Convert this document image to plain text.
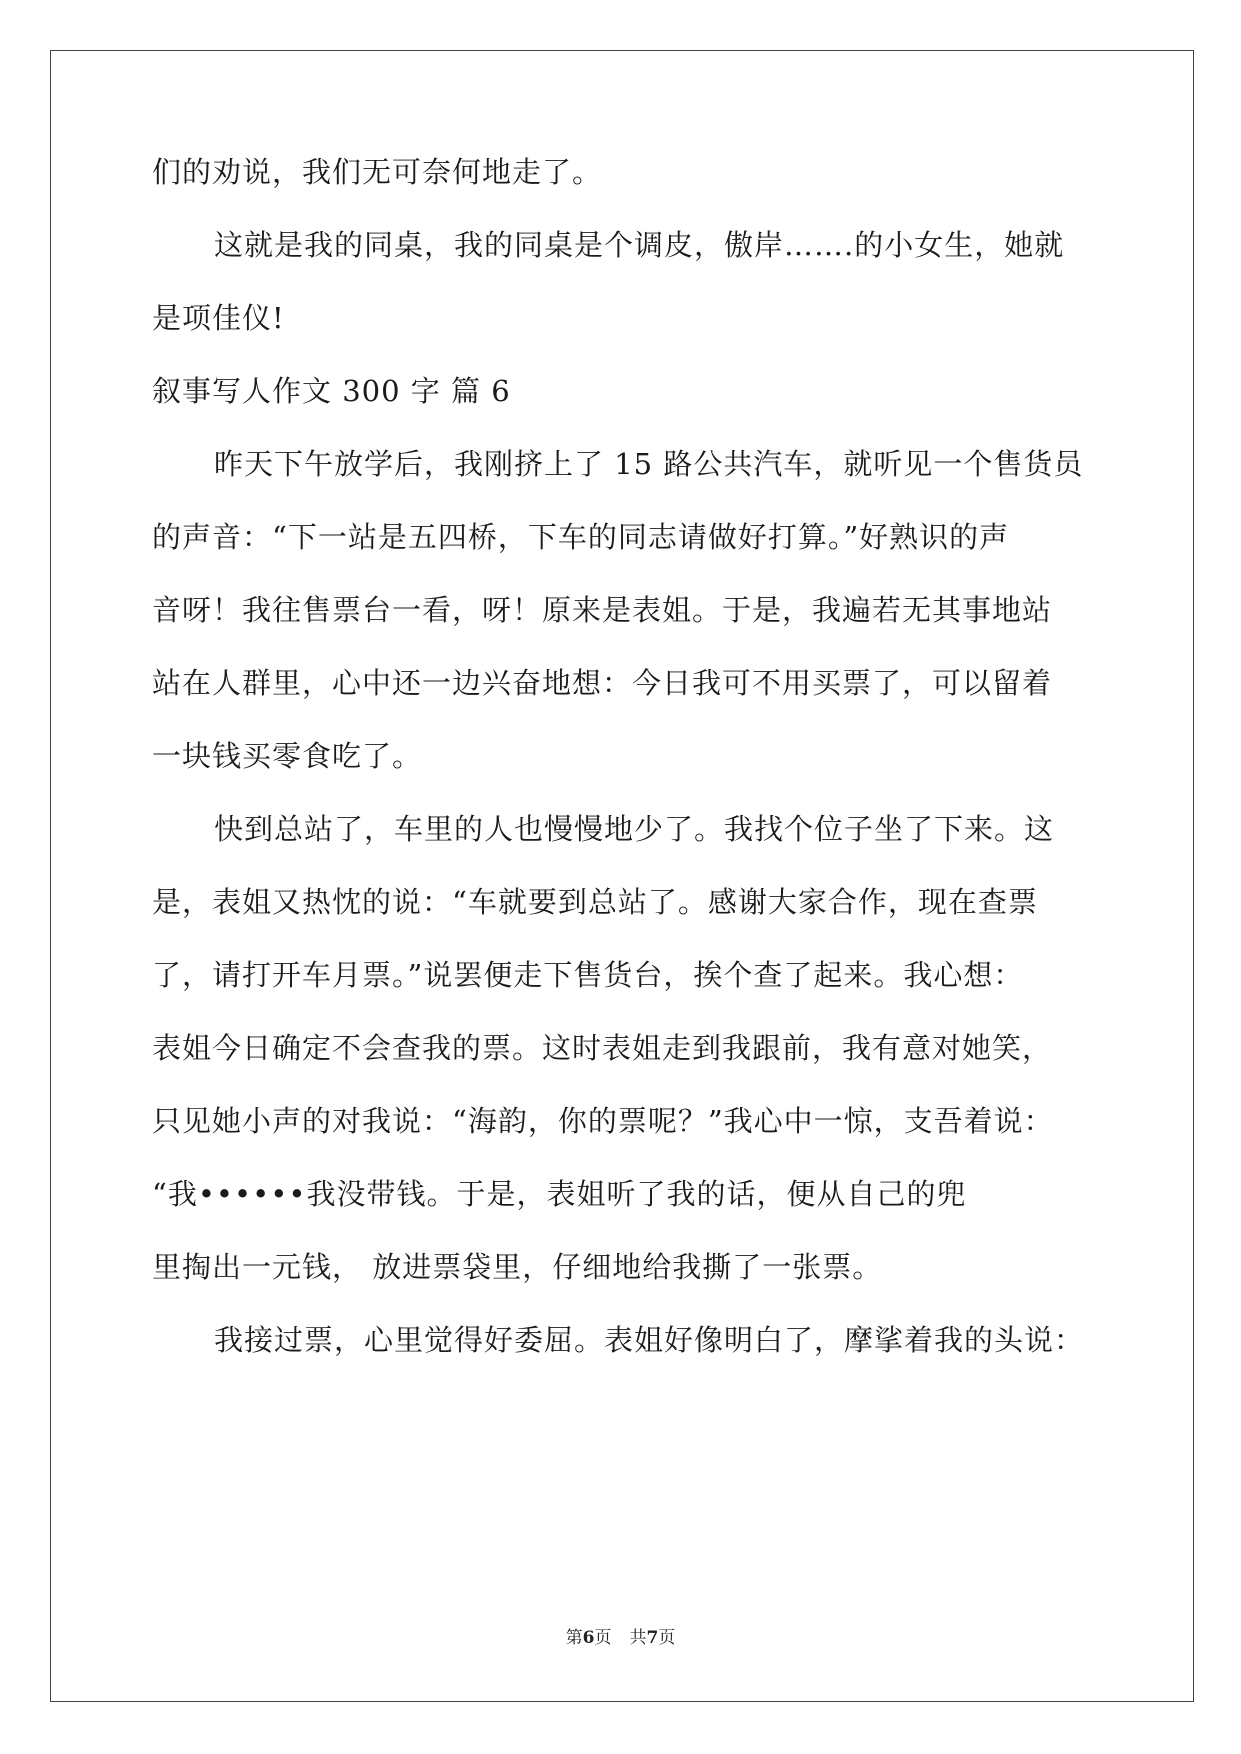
们的劝说，我们无可奈何地走了。
这就是我的同桌，我的同桌是个调皮，傲岸…….的小女生，她就
是项佳仪!
叙事写人作文 300 字 篇 6
昨天下午放学后，我刚挤上了 15 路公共汽车，就听见一个售货员
的声音：“下一站是五四桥，下车的同志请做好打算。”好熟识的声
音呀！我往售票台一看，呀！原来是表姐。于是，我遍若无其事地站
站在人群里，心中还一边兴奋地想：今日我可不用买票了，可以留着
一块钱买零食吃了。
快到总站了，车里的人也慢慢地少了。我找个位子坐了下来。这
是，表姐又热忱的说：“车就要到总站了。感谢大家合作，现在查票
了，请打开车月票。”说罢便走下售货台，挨个查了起来。我心想：
表姐今日确定不会查我的票。这时表姐走到我跟前，我有意对她笑，
只见她小声的对我说：“海韵，你的票呢？”我心中一惊，支吾着说：
“我••••••我没带钱。于是，表姐听了我的话，便从自己的兜
里掏出一元钱， 放进票袋里，仔细地给我撕了一张票。
我接过票，心里觉得好委屈。表姐好像明白了，摩挲着我的头说：
第6页 共7页
